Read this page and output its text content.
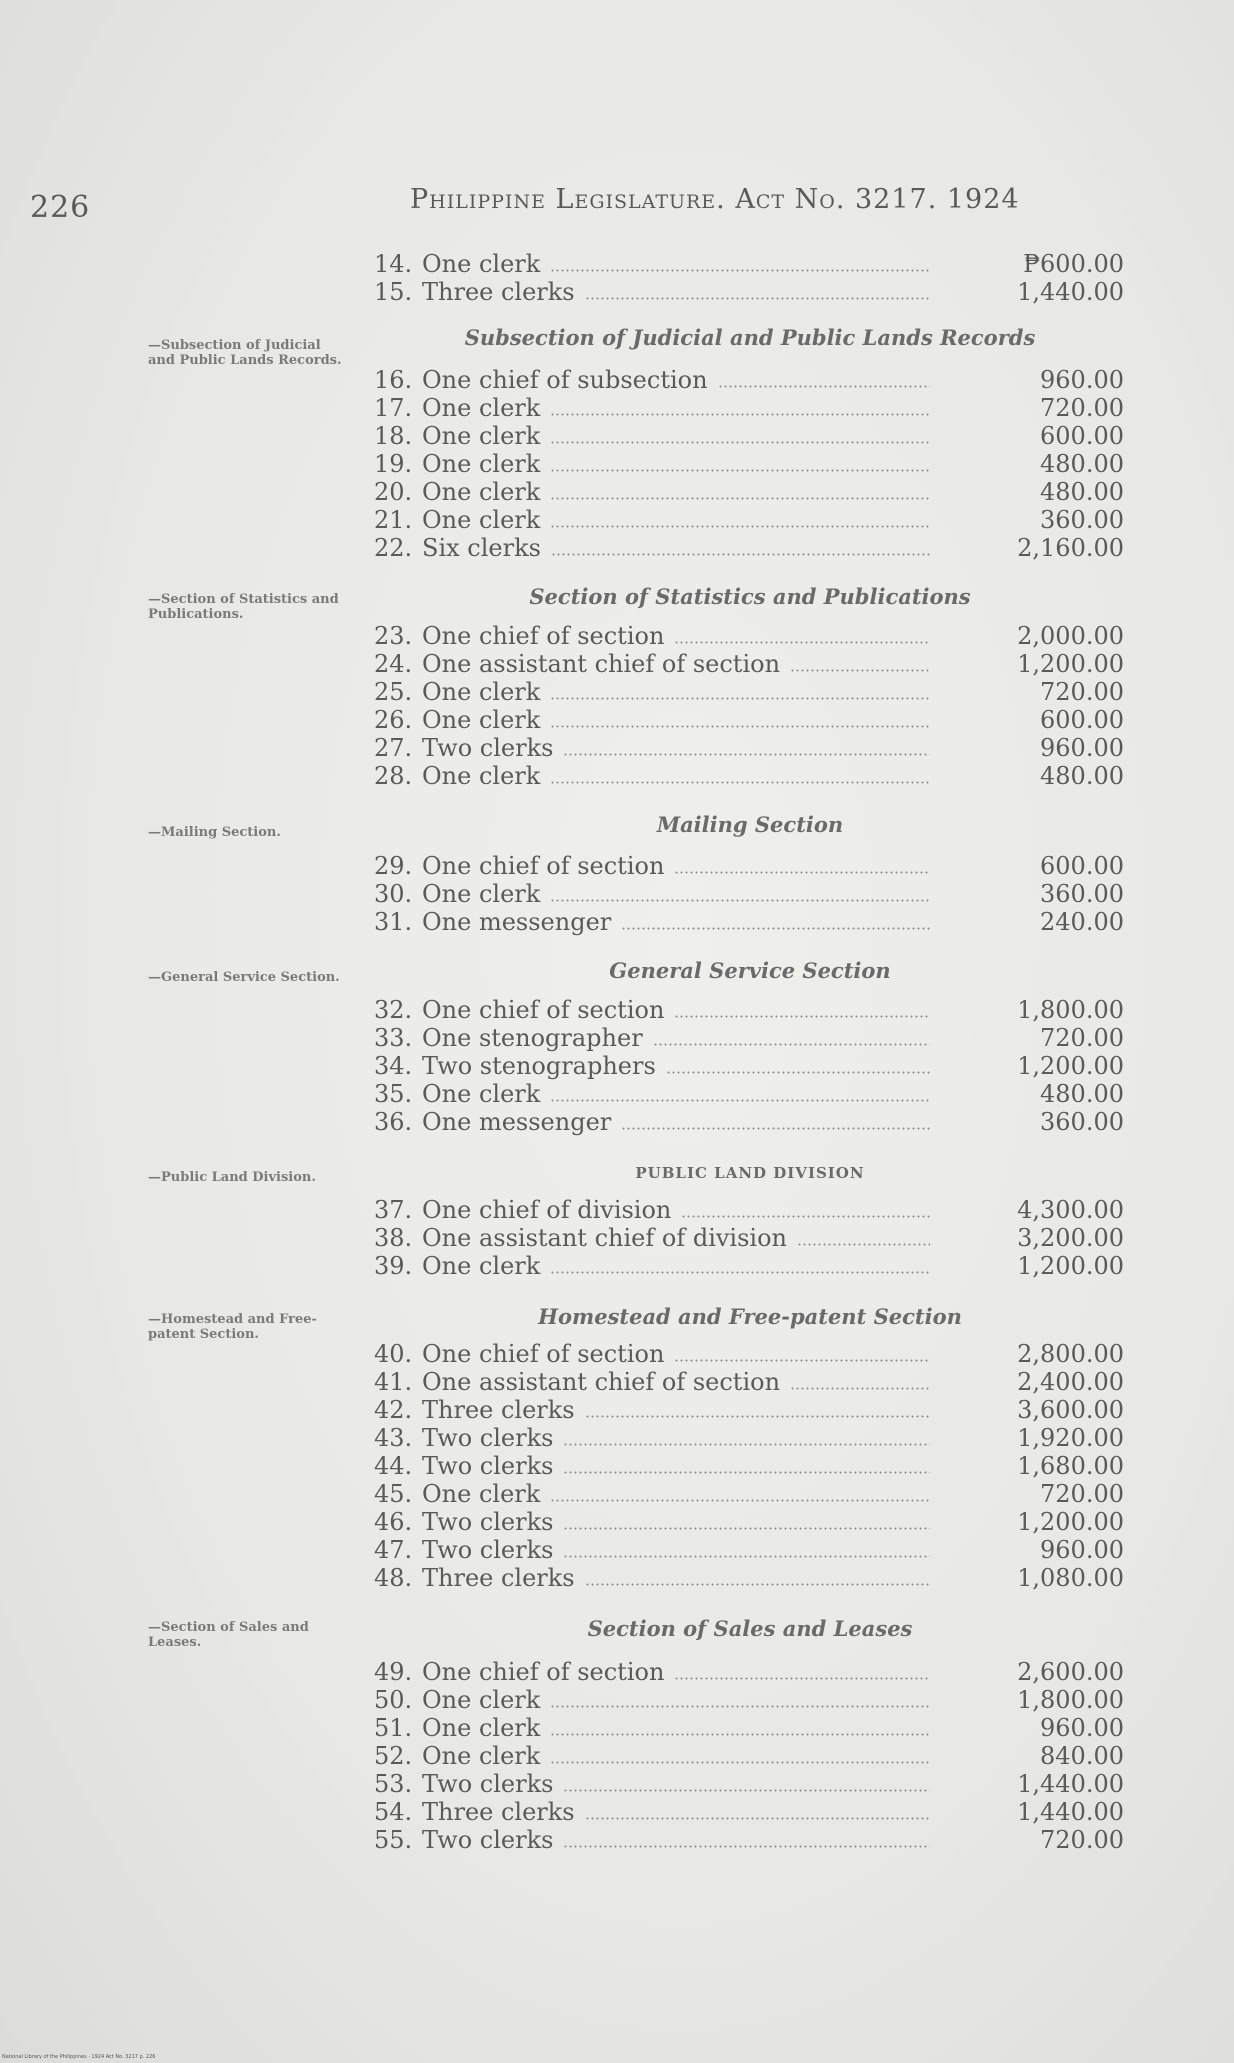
226	Philippine Legislature. Act No. 3217. 1924
—Subsection of Judicial and Public Lands Records.
—Section of Statistics and Publications.
—Mailing Section.
—General Service Section.
—Public Land Division.
—Homestead and Free-patent Section.
—Section of Sales and Leases.
Subsection of Judicial and Public Lands Records
Section of Statistics and Publications
Mailing Section
General Service Section
PUBLIC LAND DIVISION
Homestead and Free-patent Section
Section of Sales and Leases
14. One clerk	₱600.00
15. Three clerks	1,440.00
16. One chief of subsection	960.00
17. One clerk	720.00
18. One clerk	600.00
19. One clerk	480.00
20. One clerk	480.00
21. One clerk	360.00
22. Six clerks	2,160.00
23. One chief of section	2,000.00
24. One assistant chief of section	1,200.00
25. One clerk	720.00
26. One clerk	600.00
27. Two clerks	960.00
28. One clerk	480.00
29. One chief of section	600.00
30. One clerk	360.00
31. One messenger	240.00
32. One chief of section	1,800.00
33. One stenographer	720.00
34. Two stenographers	1,200.00
35. One clerk	480.00
36. One messenger	360.00
37. One chief of division	4,300.00
38. One assistant chief of division	3,200.00
39. One clerk	1,200.00
40. One chief of section	2,800.00
41. One assistant chief of section	2,400.00
42. Three clerks	3,600.00
43. Two clerks	1,920.00
44. Two clerks	1,680.00
45. One clerk	720.00
46. Two clerks	1,200.00
47. Two clerks	960.00
48. Three clerks	1,080.00
49. One chief of section	2,600.00
50. One clerk	1,800.00
51. One clerk	960.00
52. One clerk	840.00
53. Two clerks	1,440.00
54. Three clerks	1,440.00
55. Two clerks	720.00
National Library of the Philippines · 1924 Act No. 3217 p. 226
